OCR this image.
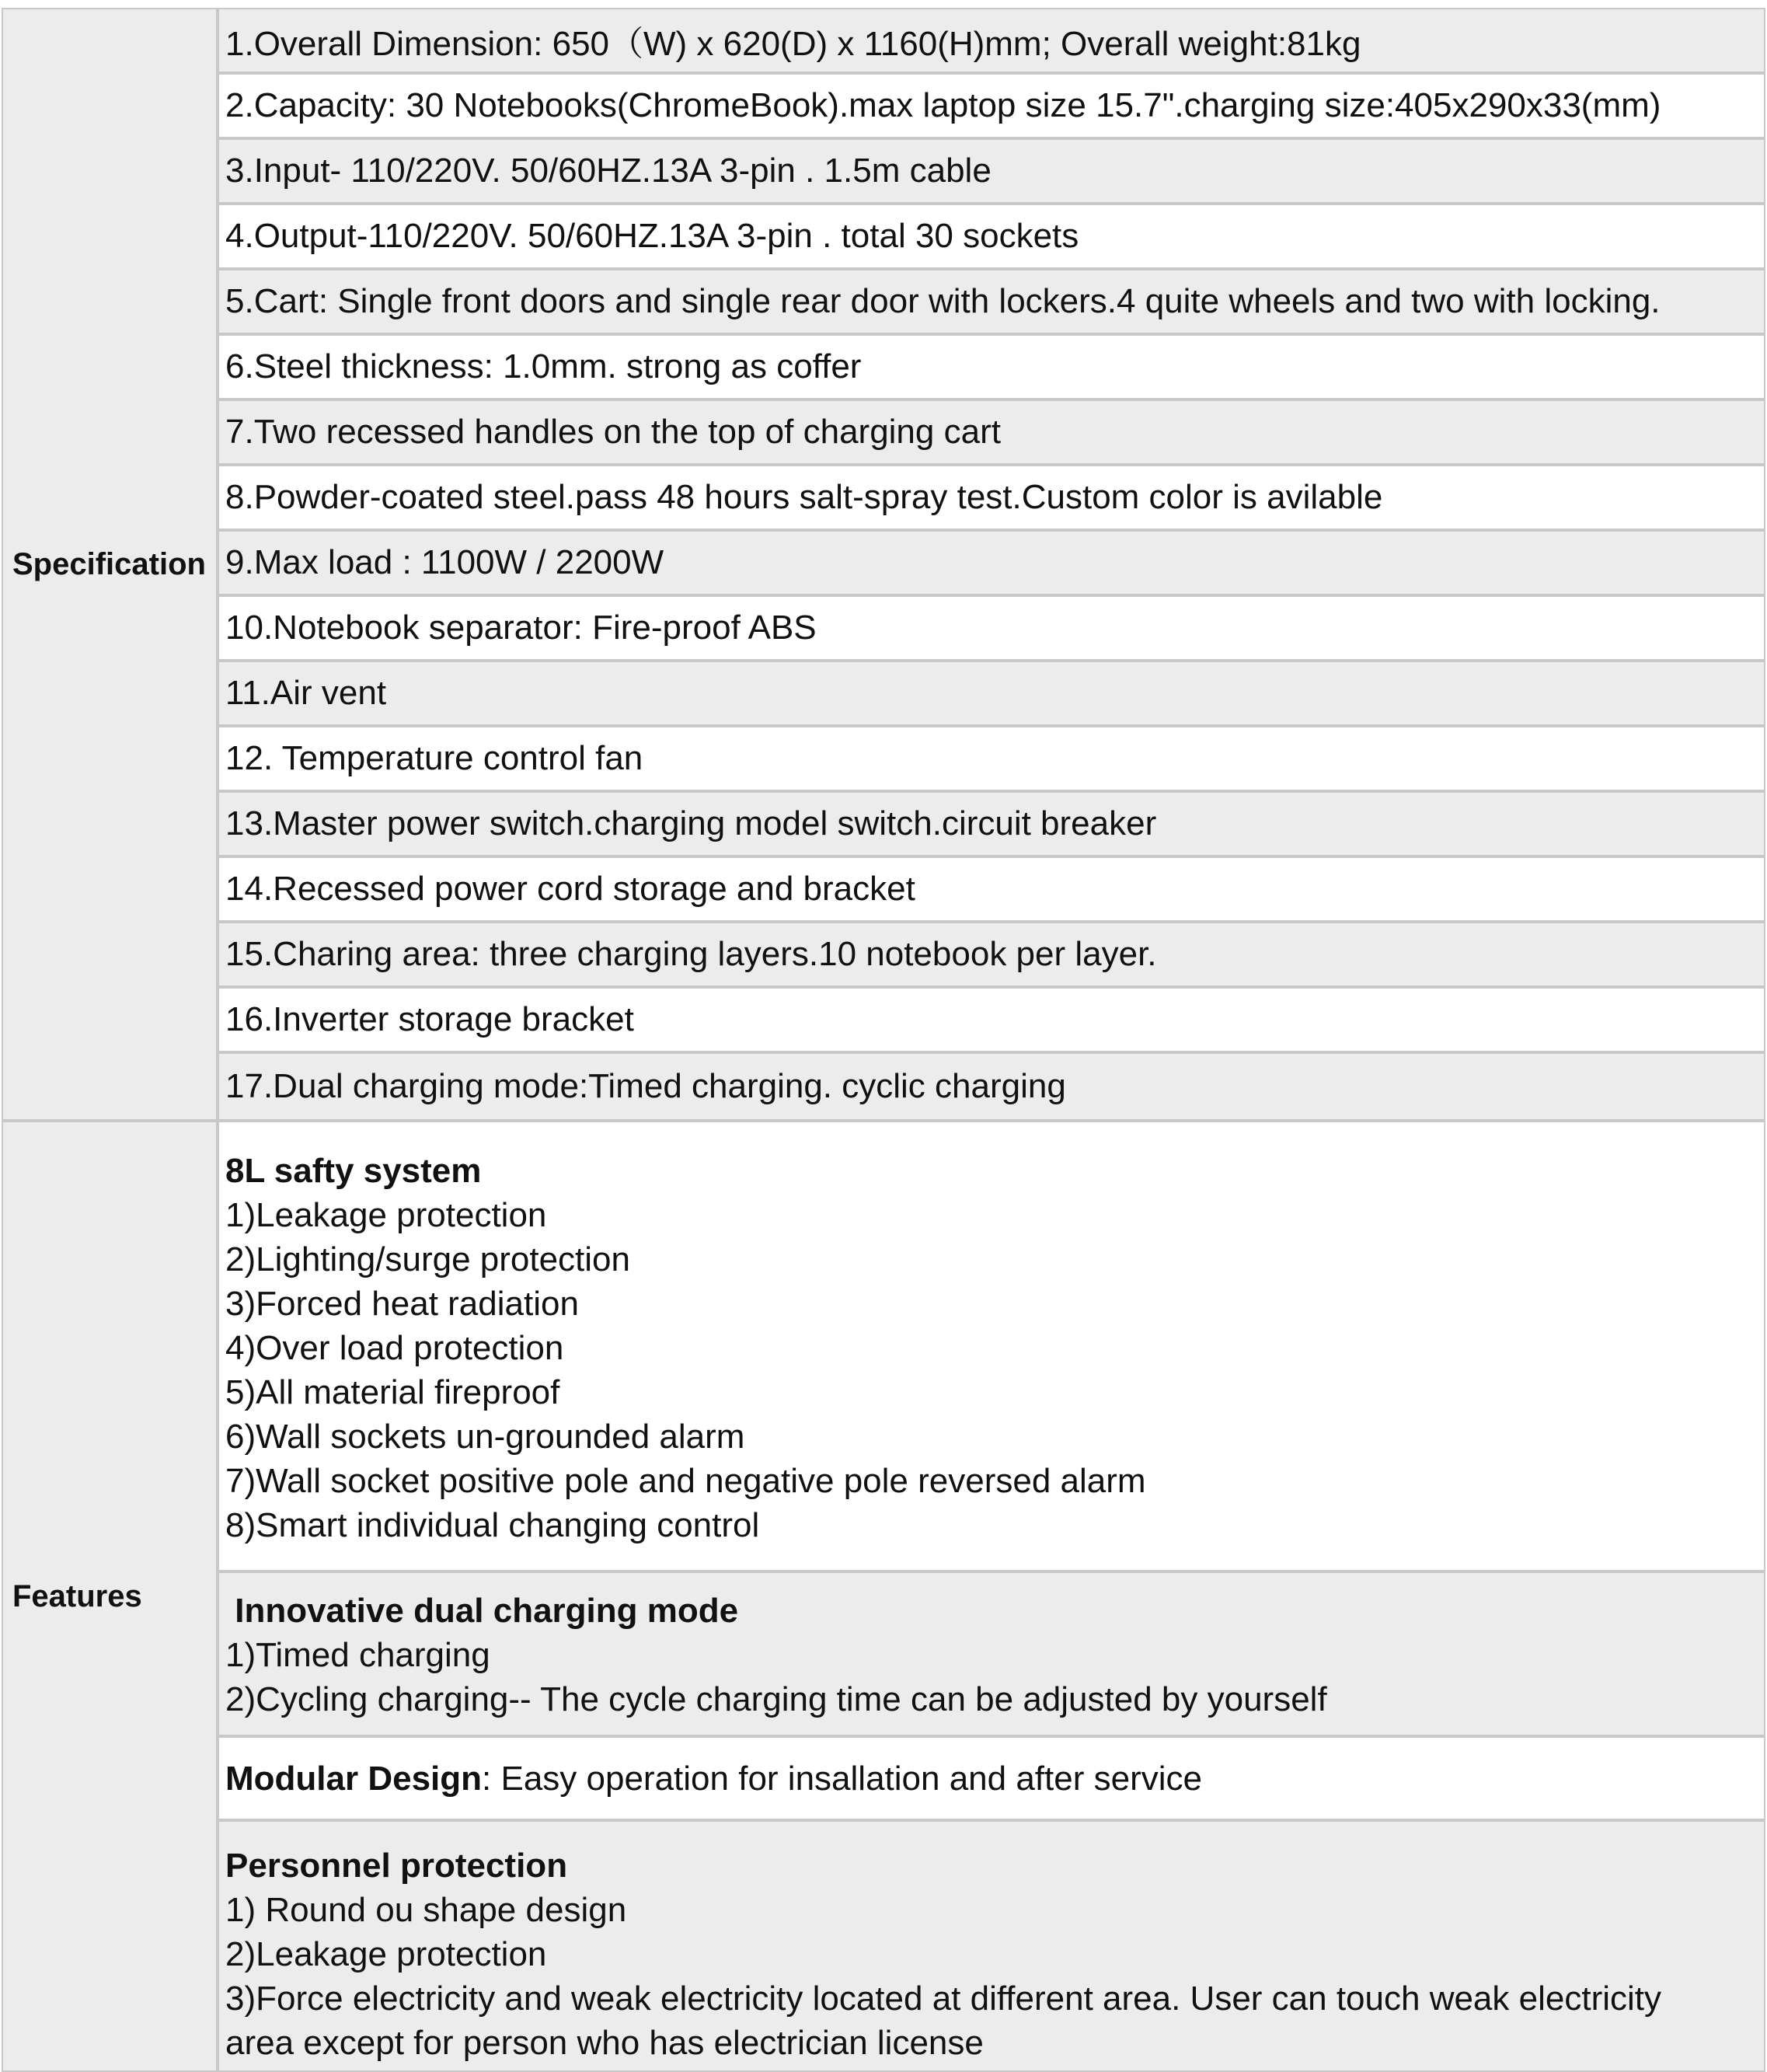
Specification
1.Overall Dimension: 650（W) x 620(D) x 1160(H)mm; Overall weight:81kg
2.Capacity: 30 Notebooks(ChromeBook).max laptop size 15.7".charging size:405x290x33(mm)
3.Input- 110/220V. 50/60HZ.13A 3-pin . 1.5m cable
4.Output-110/220V. 50/60HZ.13A 3-pin . total 30 sockets
5.Cart: Single front doors and single rear door with lockers.4 quite wheels and two with locking.
6.Steel thickness: 1.0mm. strong as coffer
7.Two recessed handles on the top of charging cart
8.Powder-coated steel.pass 48 hours salt-spray test.Custom color is avilable
9.Max load : 1100W / 2200W
10.Notebook separator: Fire-proof ABS
11.Air vent
12. Temperature control fan
13.Master power switch.charging model switch.circuit breaker
14.Recessed power cord storage and bracket
15.Charing area: three charging layers.10 notebook per layer.
16.Inverter storage bracket
17.Dual charging mode:Timed charging. cyclic charging
Features
8L safty system
1)Leakage protection
2)Lighting/surge protection
3)Forced heat radiation
4)Over load protection
5)All material fireproof
6)Wall sockets un-grounded alarm
7)Wall socket positive pole and negative pole reversed alarm
8)Smart individual changing control
Innovative dual charging mode
1)Timed charging
2)Cycling charging-- The cycle charging time can be adjusted by yourself
Modular Design : Easy operation for insallation and after service
Personnel protection
1) Round ou shape design
2)Leakage protection
3)Force electricity and weak electricity located at different area. User can touch weak electricity
area except for person who has electrician license
